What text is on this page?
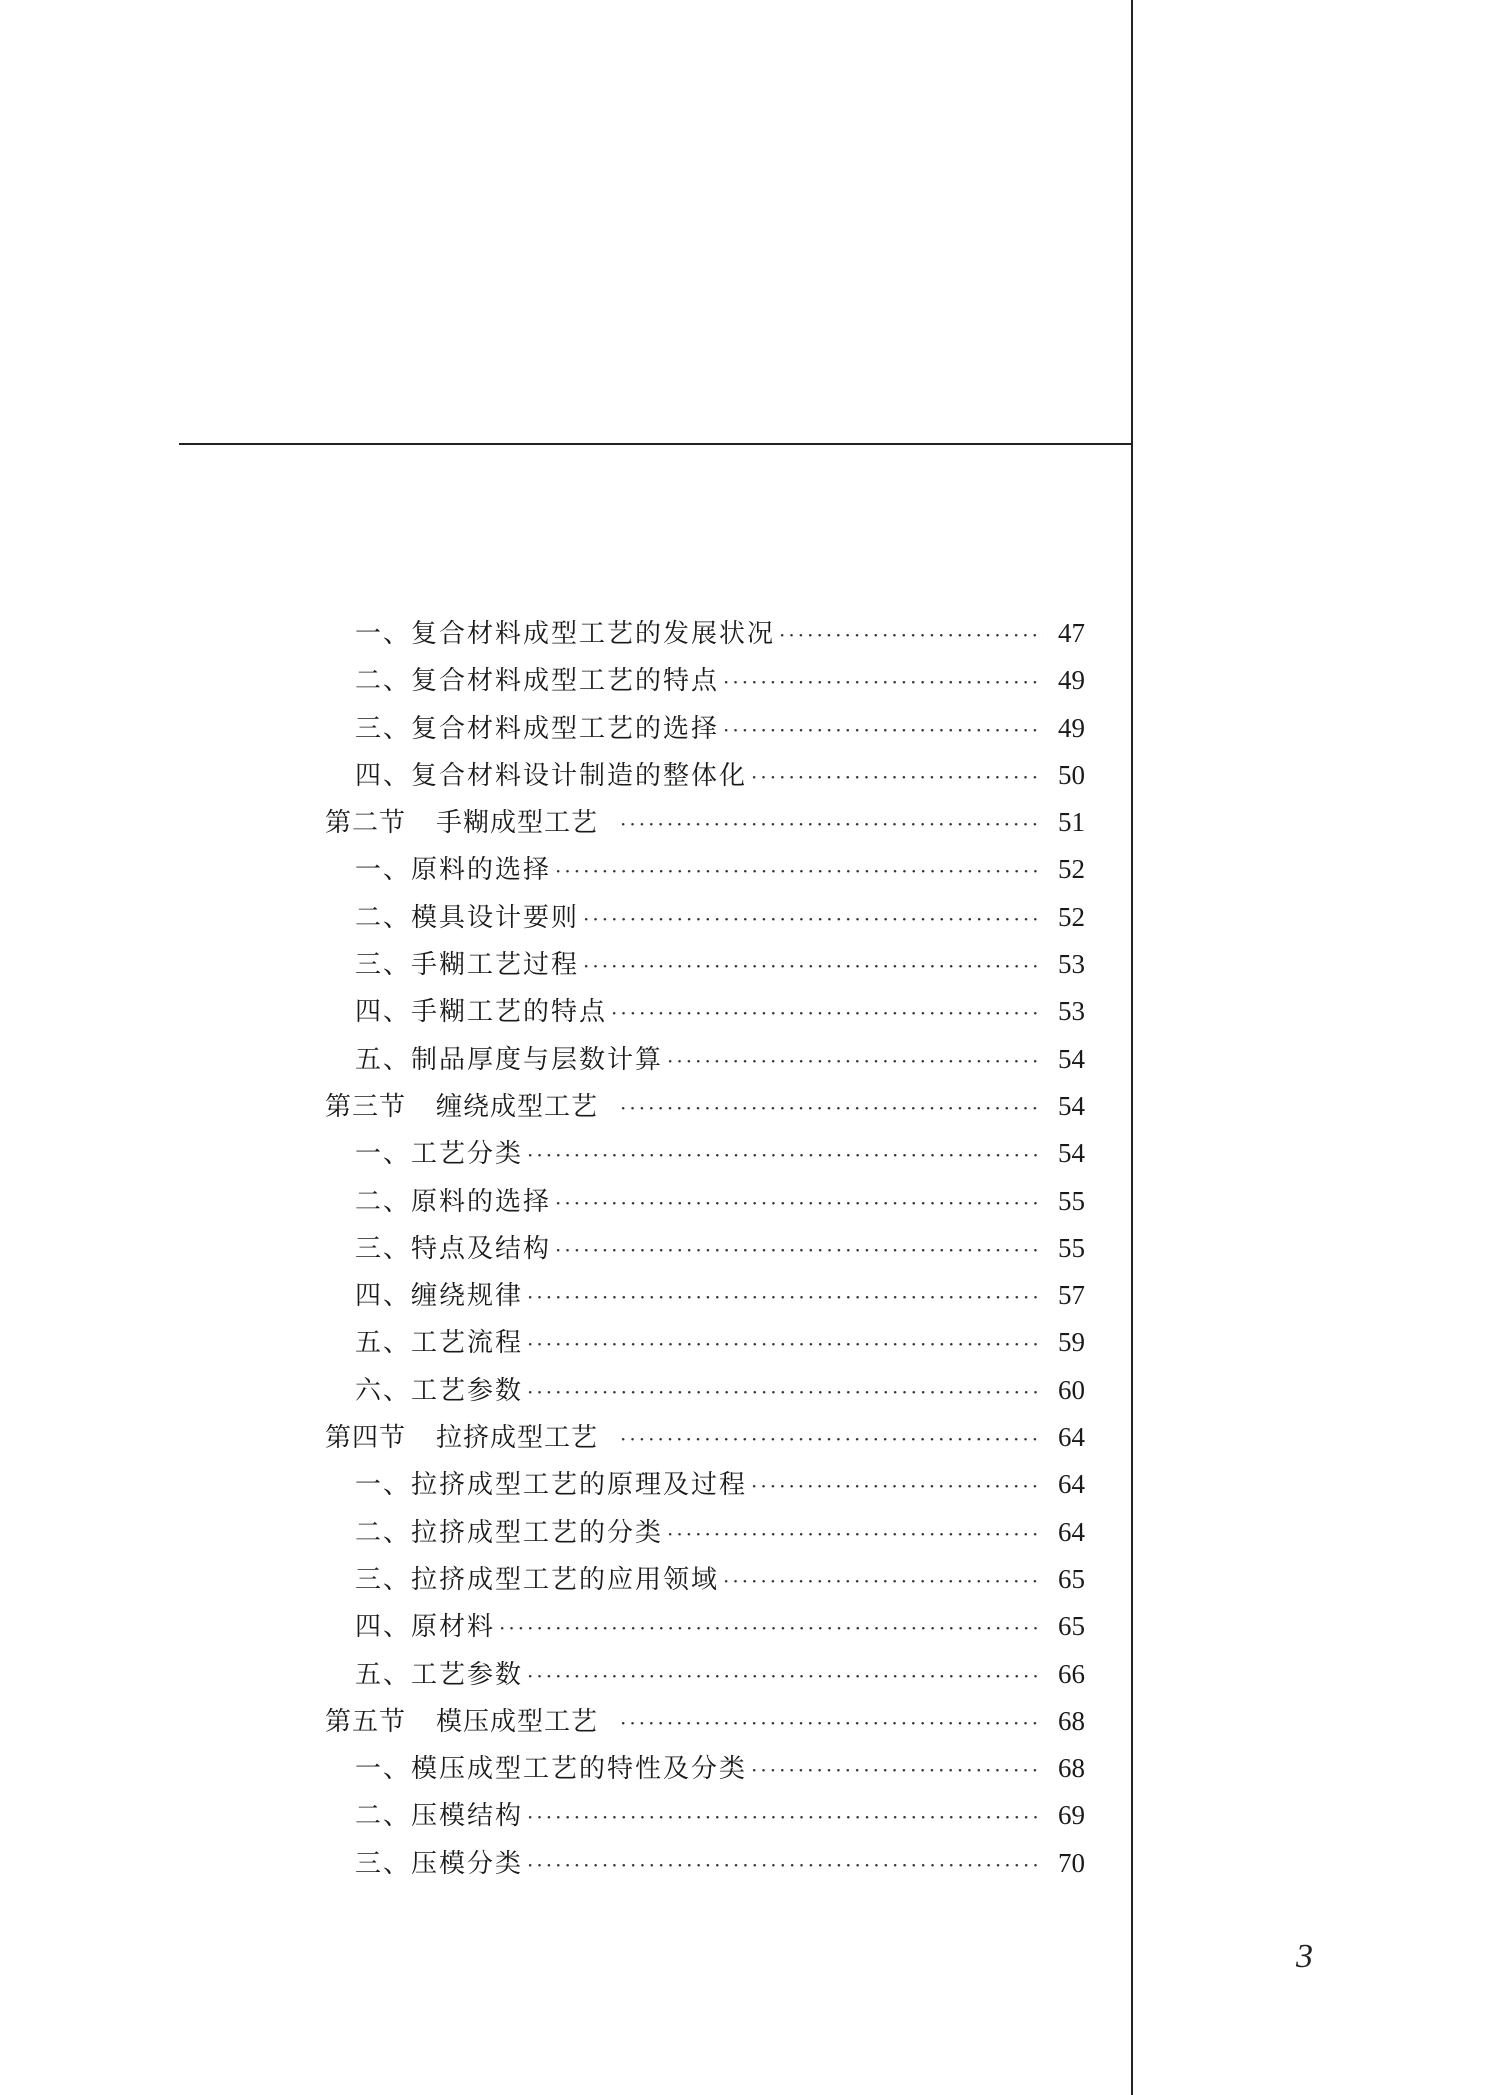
一、复合材料成型工艺的发展状况 ·····	47
二、复合材料成型工艺的特点 ·····	49
三、复合材料成型工艺的选择 ·····	49
四、复合材料设计制造的整体化 ·····	50
第二节 手糊成型工艺 ·····	51
一、原料的选择 ·····	52
二、模具设计要则 ·····	52
三、手糊工艺过程 ·····	53
四、手糊工艺的特点 ·····	53
五、制品厚度与层数计算 ·····	54
第三节 缠绕成型工艺 ·····	54
一、工艺分类 ·····	54
二、原料的选择 ·····	55
三、特点及结构 ·····	55
四、缠绕规律 ·····	57
五、工艺流程 ·····	59
六、工艺参数 ·····	60
第四节 拉挤成型工艺 ·····	64
一、拉挤成型工艺的原理及过程 ·····	64
二、拉挤成型工艺的分类 ·····	64
三、拉挤成型工艺的应用领域 ·····	65
四、原材料 ·····	65
五、工艺参数 ·····	66
第五节 模压成型工艺 ·····	68
一、模压成型工艺的特性及分类 ·····	68
二、压模结构 ·····	69
三、压模分类 ·····	70
3
